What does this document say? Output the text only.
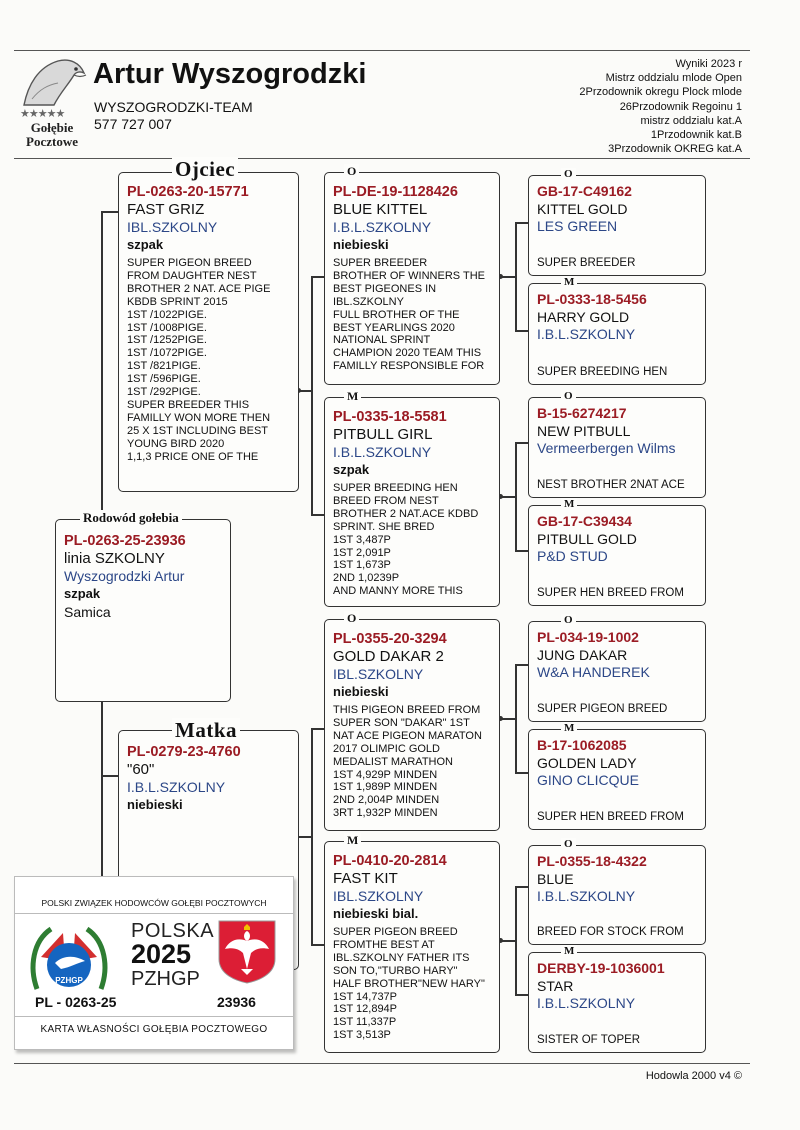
★★★★★
Gołębie
Pocztowe
Artur Wyszogrodzki
WYSZOGRODZKI-TEAM
577 727 007
Wyniki 2023 r
Mistrz oddzialu mlode Open
2Przodownik okregu Plock mlode
26Przodownik Regoinu 1
mistrz oddzialu kat.A
1Przodownik kat.B
3Przodownik OKREG kat.A
PL-0263-25-23936
linia SZKOLNY
Wyszogrodzki Artur
szpak
Samica
Rodowód gołebia
PL-0263-20-15771
FAST GRIZ
IBL.SZKOLNY
szpak
SUPER PIGEON BREED
FROM DAUGHTER NEST
BROTHER 2 NAT. ACE PIGE
KBDB SPRINT 2015
1ST /1022PIGE.
1ST /1008PIGE.
1ST /1252PIGE.
1ST /1072PIGE.
1ST /821PIGE.
1ST /596PIGE.
1ST /292PIGE.
SUPER BREEDER THIS
FAMILLY WON MORE THEN
25 X 1ST INCLUDING BEST
YOUNG BIRD 2020
1,1,3 PRICE ONE OF THE
Ojciec
PL-0279-23-4760
"60"
I.B.L.SZKOLNY
niebieski
Matka
PL-DE-19-1128426
BLUE KITTEL
I.B.L.SZKOLNY
niebieski
SUPER BREEDER
BROTHER OF WINNERS THE
BEST PIGEONES IN
IBL.SZKOLNY
FULL BROTHER OF THE
BEST YEARLINGS 2020
NATIONAL SPRINT
CHAMPION 2020 TEAM THIS
FAMILLY RESPONSIBLE FOR
O
PL-0335-18-5581
PITBULL GIRL
I.B.L.SZKOLNY
szpak
SUPER BREEDING HEN
BREED FROM NEST
BROTHER 2 NAT.ACE KDBD
SPRINT. SHE BRED
1ST 3,487P
1ST 2,091P
1ST 1,673P
2ND 1,0239P
AND MANNY MORE THIS
M
PL-0355-20-3294
GOLD DAKAR 2
IBL.SZKOLNY
niebieski
THIS PIGEON BREED FROM
SUPER SON "DAKAR" 1ST
NAT ACE PIGEON MARATON
2017 OLIMPIC GOLD
MEDALIST MARATHON
1ST 4,929P MINDEN
1ST 1,989P MINDEN
2ND 2,004P MINDEN
3RT 1,932P MINDEN
O
PL-0410-20-2814
FAST KIT
IBL.SZKOLNY
niebieski bial.
SUPER PIGEON BREED
FROMTHE BEST AT
IBL.SZKOLNY FATHER ITS
SON TO,"TURBO HARY"
HALF BROTHER"NEW HARY"
1ST 14,737P
1ST 12,894P
1ST 11,337P
1ST 3,513P
M
GB-17-C49162
KITTEL GOLD
LES GREEN
SUPER BREEDER
O
PL-0333-18-5456
HARRY GOLD
I.B.L.SZKOLNY
SUPER BREEDING HEN
M
B-15-6274217
NEW PITBULL
Vermeerbergen Wilms
NEST BROTHER 2NAT ACE
O
GB-17-C39434
PITBULL GOLD
P&D STUD
SUPER HEN BREED FROM
M
PL-034-19-1002
JUNG DAKAR
W&A HANDEREK
SUPER PIGEON BREED
O
B-17-1062085
GOLDEN LADY
GINO CLICQUE
SUPER HEN BREED FROM
M
PL-0355-18-4322
BLUE
I.B.L.SZKOLNY
BREED FOR STOCK FROM
O
DERBY-19-1036001
STAR
I.B.L.SZKOLNY
SISTER OF TOPER
M
POLSKI ZWIĄZEK HODOWCÓW GOŁĘBI POCZTOWYCH
PZHGP
POLSKA
2025
PZHGP
PL - 0263-25	23936
KARTA WŁASNOŚCI GOŁĘBIA POCZTOWEGO
Hodowla 2000 v4 ©
